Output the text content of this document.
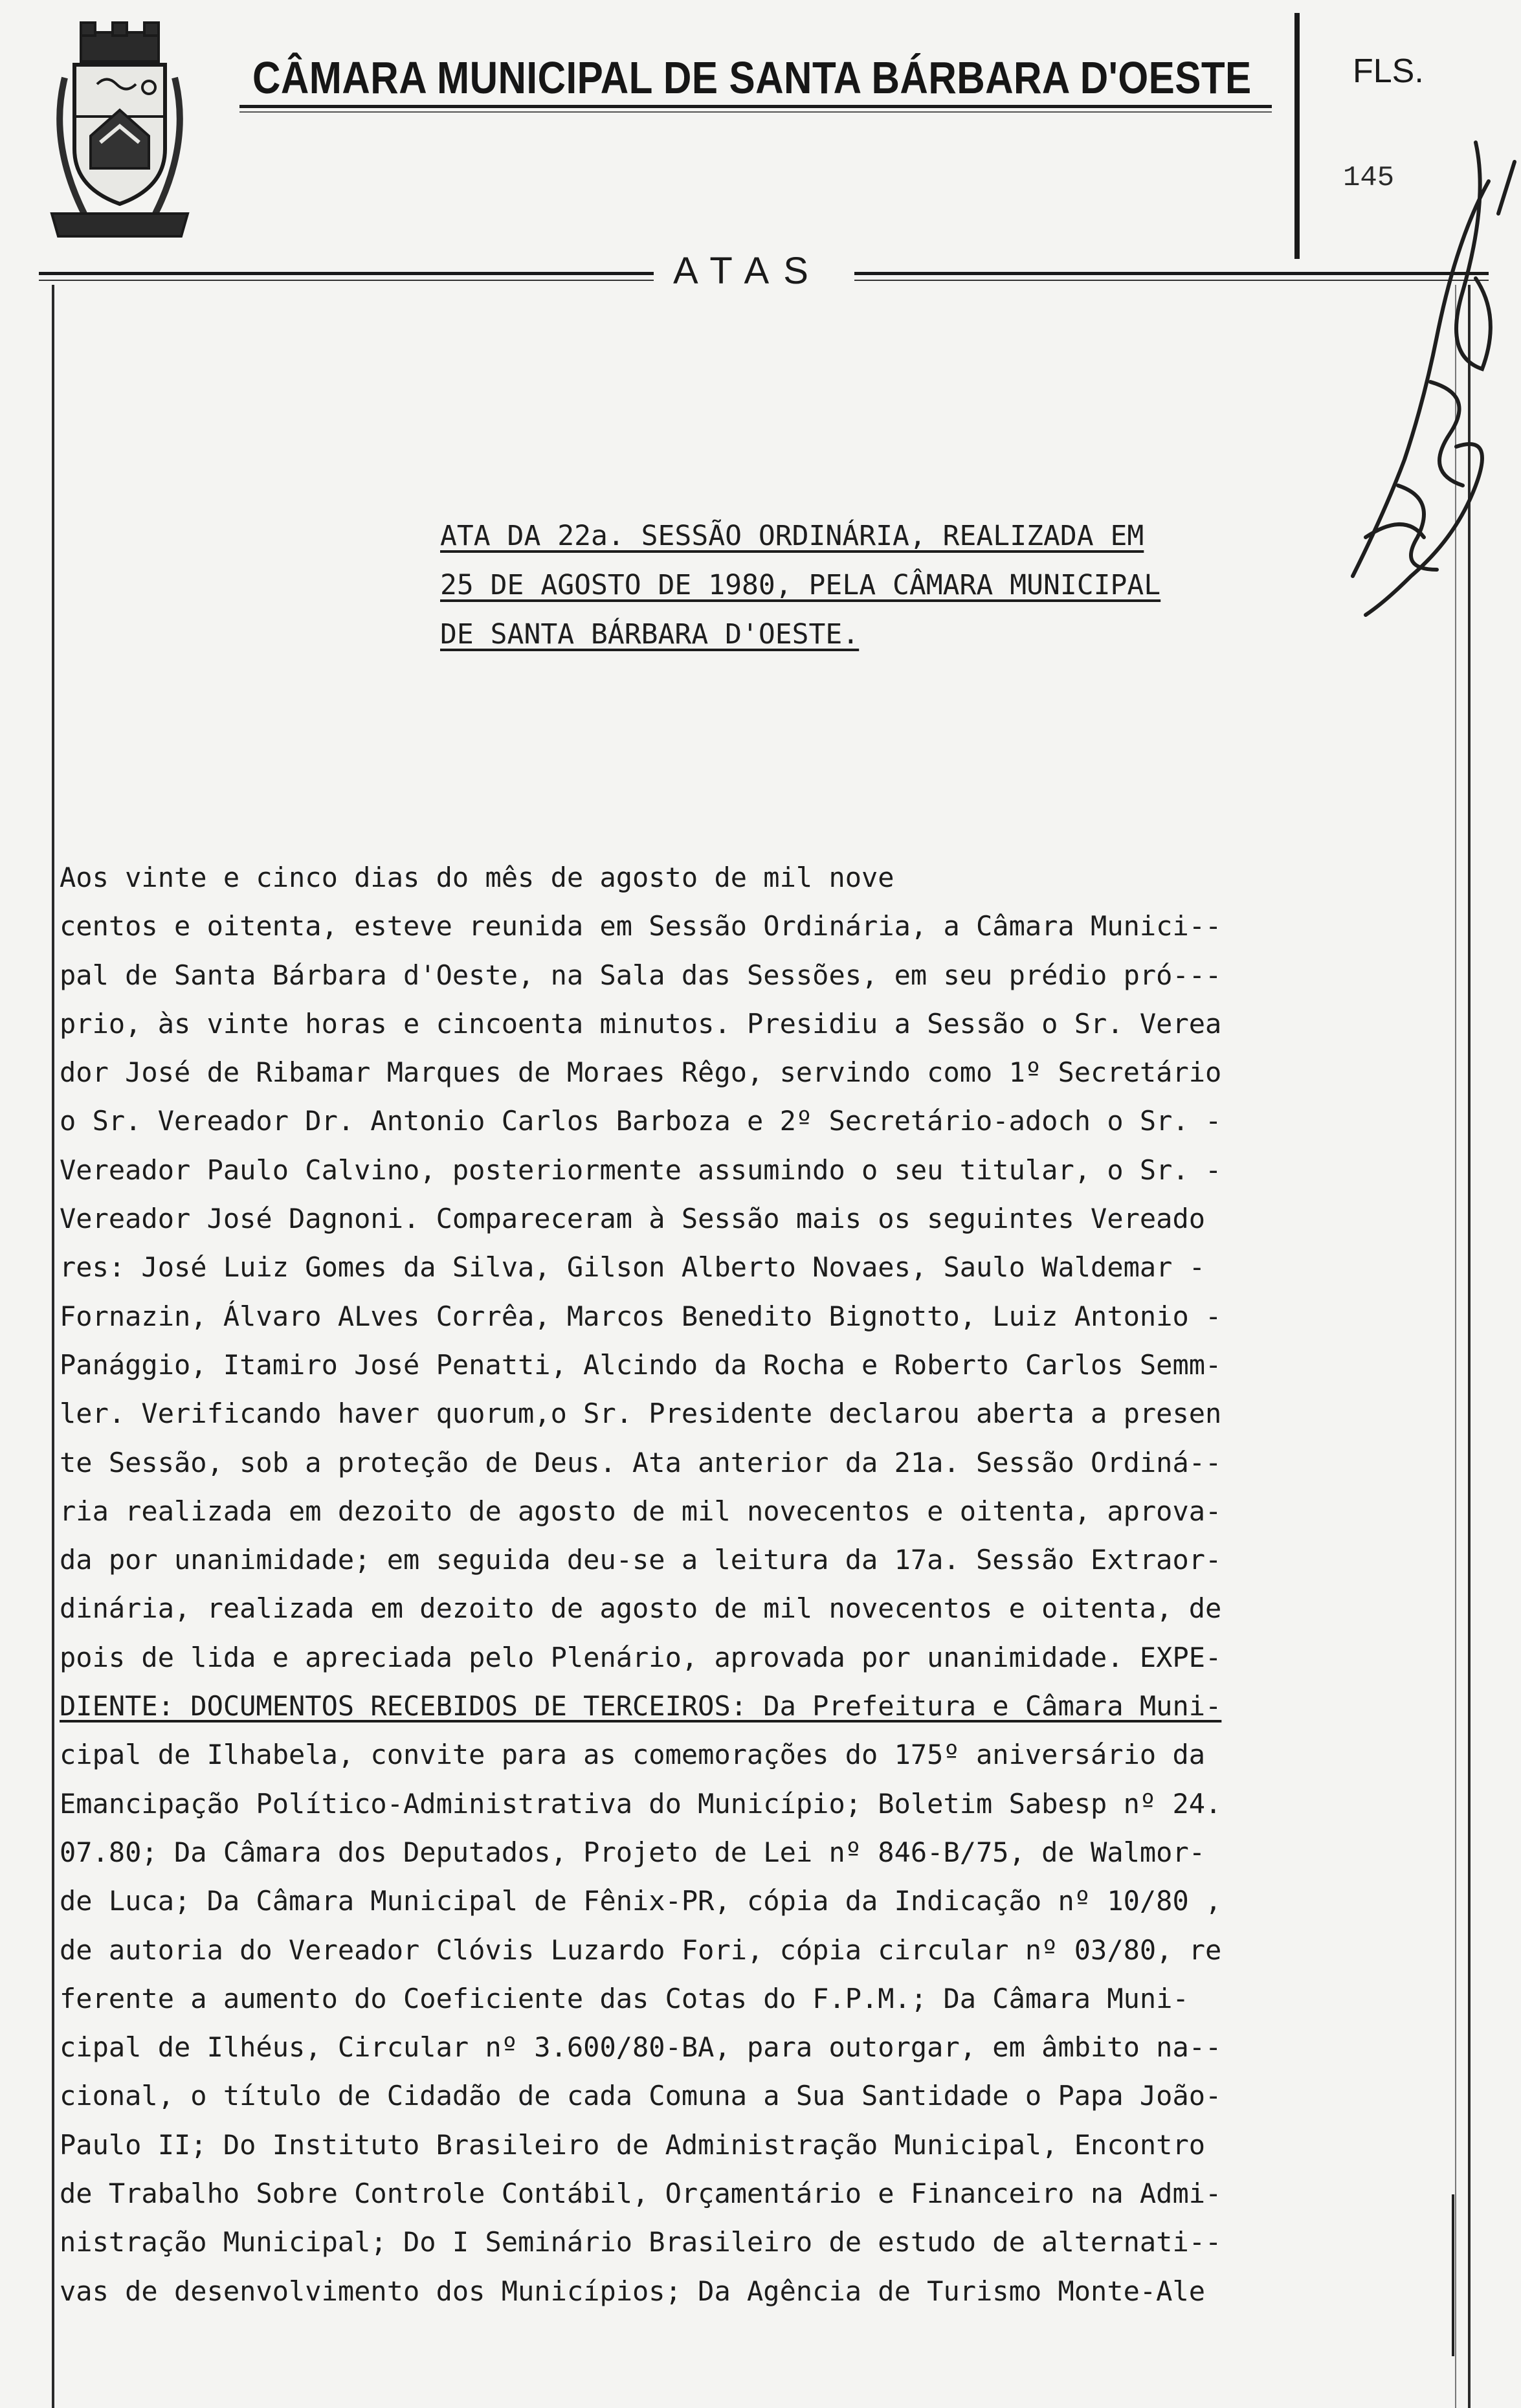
CÂMARA MUNICIPAL DE SANTA BÁRBARA D'OESTE	FLS.
145
ATAS
ATA DA 22a. SESSÃO ORDINÁRIA, REALIZADA EM
25 DE AGOSTO DE 1980, PELA CÂMARA MUNICIPAL
DE SANTA BÁRBARA D'OESTE.
Aos vinte e cinco dias do mês de agosto de mil nove
centos e oitenta, esteve reunida em Sessão Ordinária, a Câmara Munici--
pal de Santa Bárbara d'Oeste, na Sala das Sessões, em seu prédio pró---
prio, às vinte horas e cincoenta minutos. Presidiu a Sessão o Sr. Verea
dor José de Ribamar Marques de Moraes Rêgo, servindo como 1º Secretário
o Sr. Vereador Dr. Antonio Carlos Barboza e 2º Secretário-adoch o Sr. -
Vereador Paulo Calvino, posteriormente assumindo o seu titular, o Sr. -
Vereador José Dagnoni. Compareceram à Sessão mais os seguintes Vereado
res: José Luiz Gomes da Silva, Gilson Alberto Novaes, Saulo Waldemar -
Fornazin, Álvaro ALves Corrêa, Marcos Benedito Bignotto, Luiz Antonio -
Panággio, Itamiro José Penatti, Alcindo da Rocha e Roberto Carlos Semm-
ler. Verificando haver quorum,o Sr. Presidente declarou aberta a presen
te Sessão, sob a proteção de Deus. Ata anterior da 21a. Sessão Ordiná--
ria realizada em dezoito de agosto de mil novecentos e oitenta, aprova-
da por unanimidade; em seguida deu-se a leitura da 17a. Sessão Extraor-
dinária, realizada em dezoito de agosto de mil novecentos e oitenta, de
pois de lida e apreciada pelo Plenário, aprovada por unanimidade. EXPE-
DIENTE: DOCUMENTOS RECEBIDOS DE TERCEIROS: Da Prefeitura e Câmara Muni-
cipal de Ilhabela, convite para as comemorações do 175º aniversário da
Emancipação Político-Administrativa do Município; Boletim Sabesp nº 24.
07.80; Da Câmara dos Deputados, Projeto de Lei nº 846-B/75, de Walmor-
de Luca; Da Câmara Municipal de Fênix-PR, cópia da Indicação nº 10/80 ,
de autoria do Vereador Clóvis Luzardo Fori, cópia circular nº 03/80, re
ferente a aumento do Coeficiente das Cotas do F.P.M.; Da Câmara Muni-
cipal de Ilhéus, Circular nº 3.600/80-BA, para outorgar, em âmbito na--
cional, o título de Cidadão de cada Comuna a Sua Santidade o Papa João-
Paulo II; Do Instituto Brasileiro de Administração Municipal, Encontro
de Trabalho Sobre Controle Contábil, Orçamentário e Financeiro na Admi-
nistração Municipal; Do I Seminário Brasileiro de estudo de alternati--
vas de desenvolvimento dos Municípios; Da Agência de Turismo Monte-Ale
